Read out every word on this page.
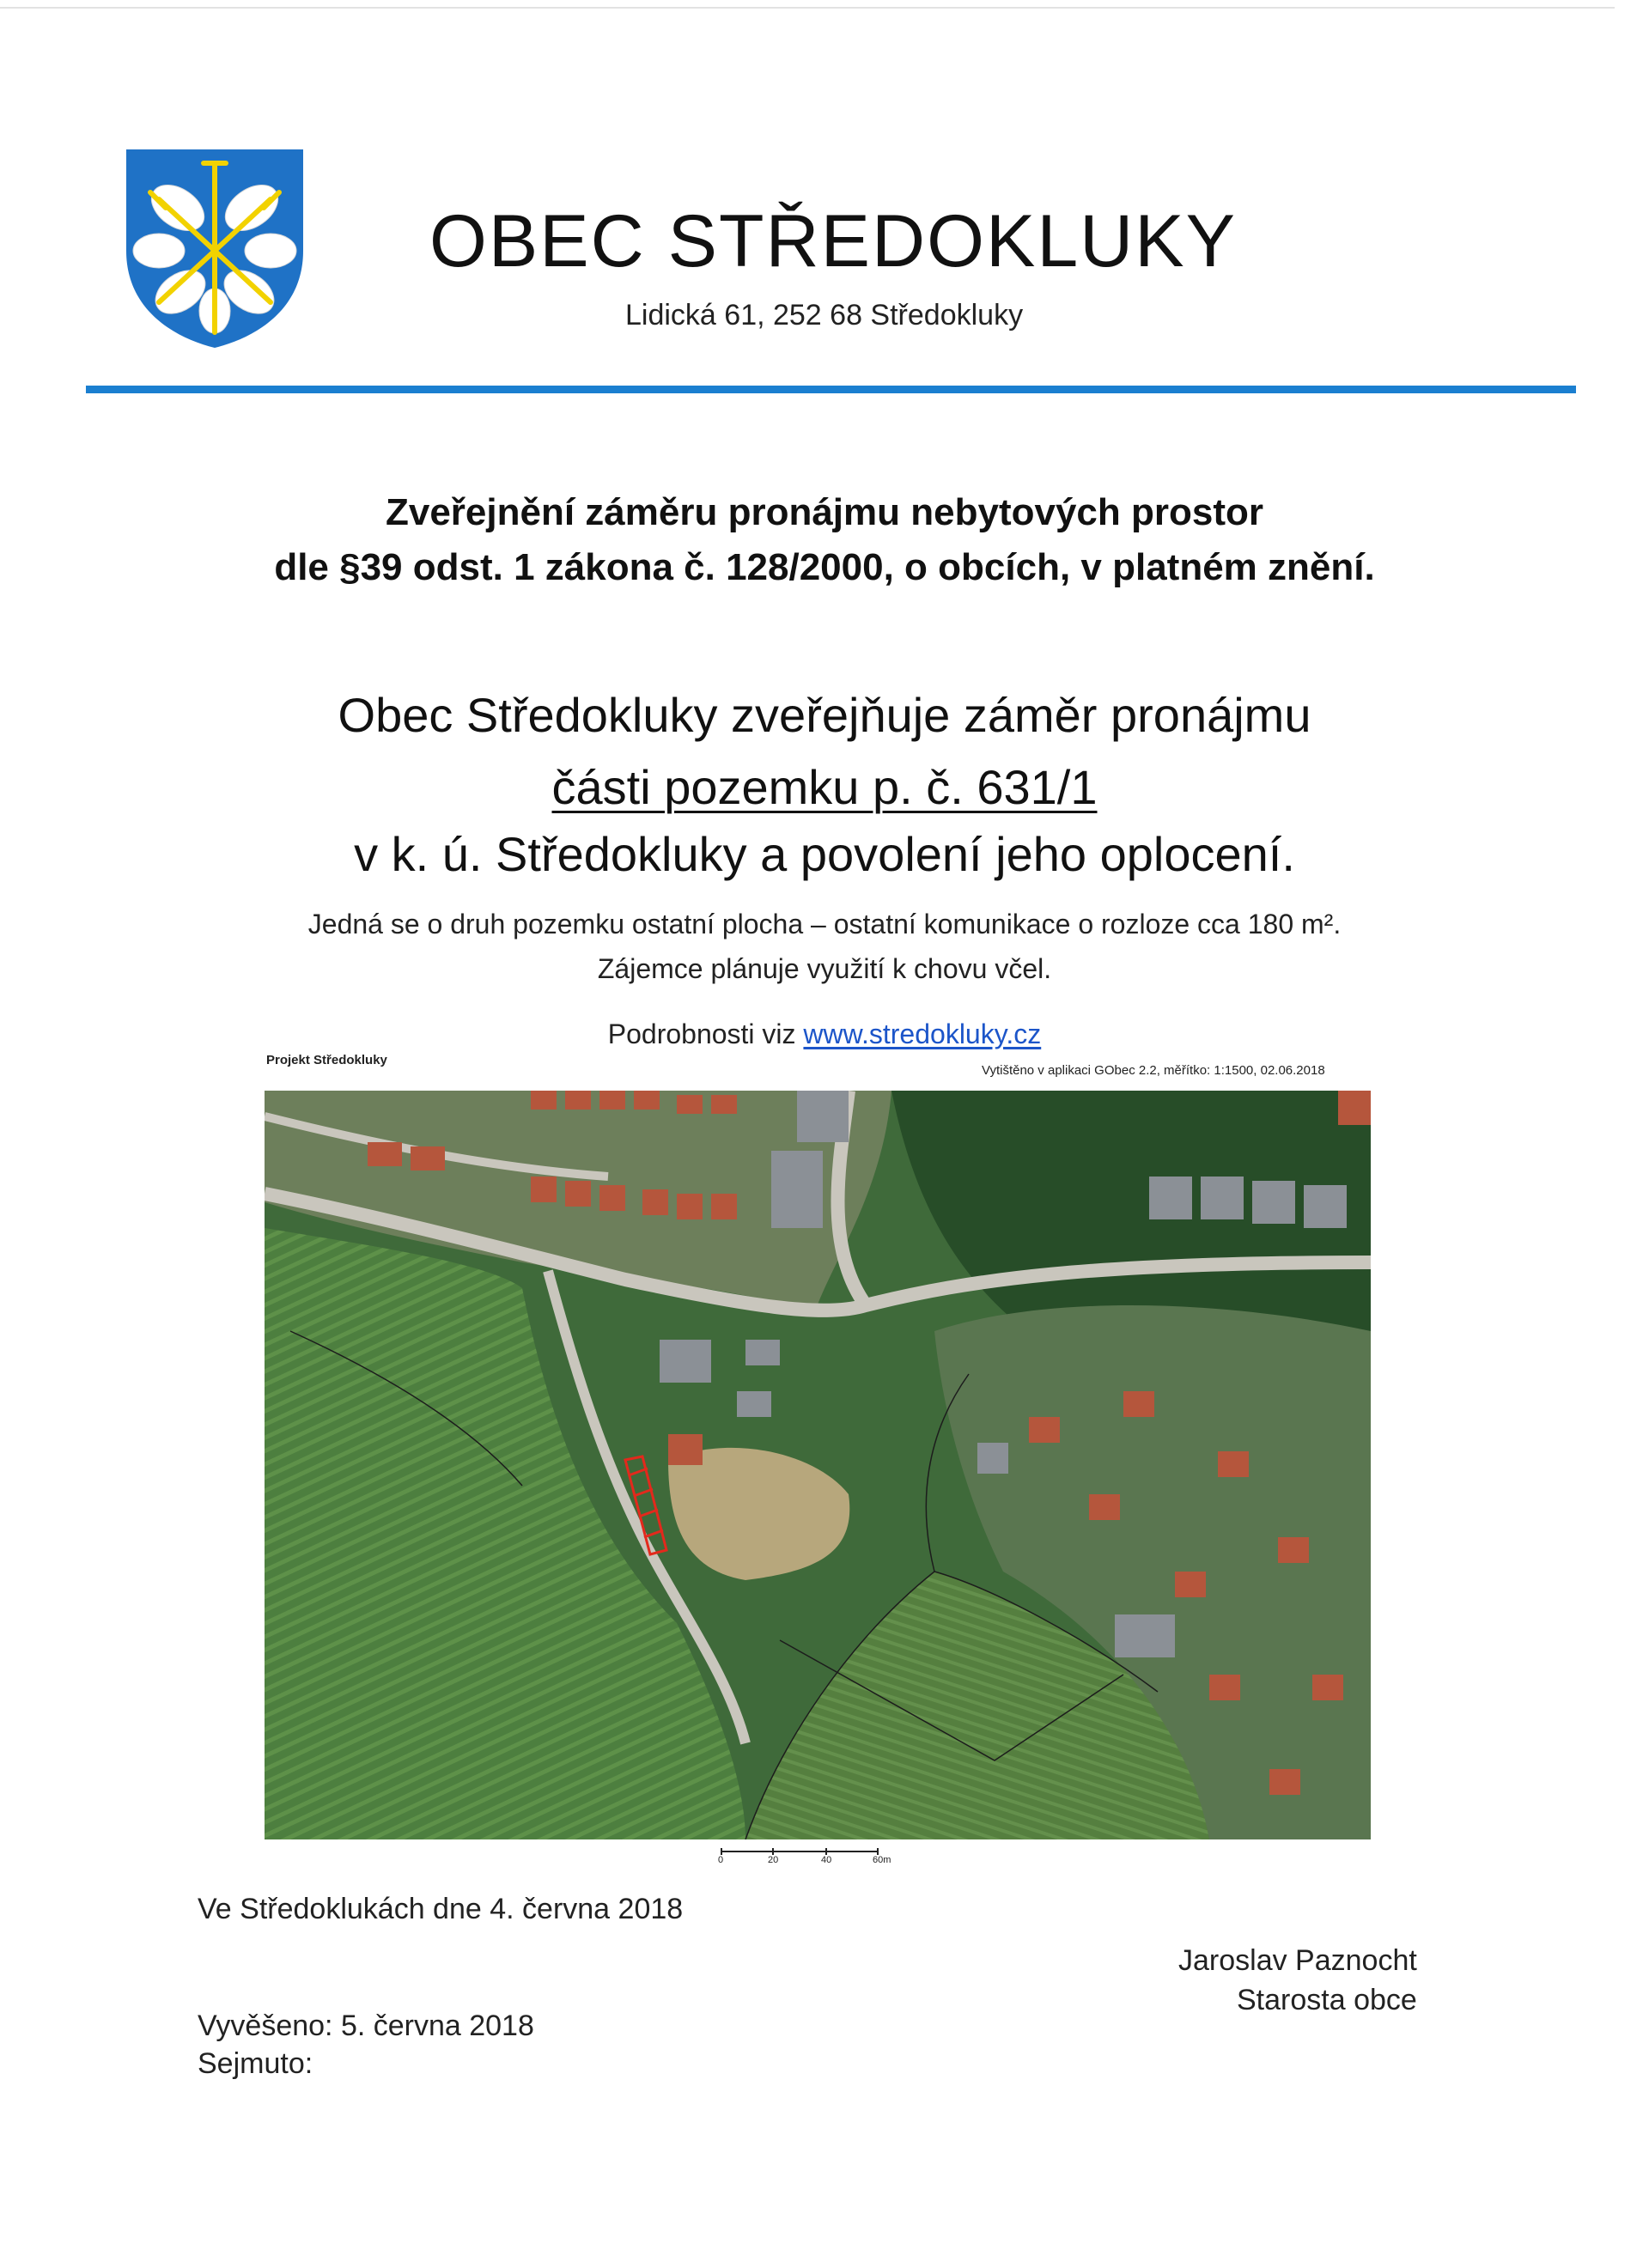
OBEC STŘEDOKLUKY
Lidická 61, 252 68 Středokluky
Zveřejnění záměru pronájmu nebytových prostor
dle §39 odst. 1 zákona č. 128/2000, o obcích, v platném znění.
Obec Středokluky zveřejňuje záměr pronájmu
části pozemku p. č. 631/1
v k. ú. Středokluky a povolení jeho oplocení.
Jedná se o druh pozemku ostatní plocha – ostatní komunikace o rozloze cca 180 m².
Zájemce plánuje využití k chovu včel.
Podrobnosti viz www.stredokluky.cz
Projekt Středokluky
Vytištěno v aplikaci GObec 2.2, měřítko: 1:1500, 02.06.2018
0	20	40	60m
Ve Středoklukách dne 4. června 2018
Jaroslav Paznocht
Starosta obce
Vyvěšeno: 5. června 2018
Sejmuto:
